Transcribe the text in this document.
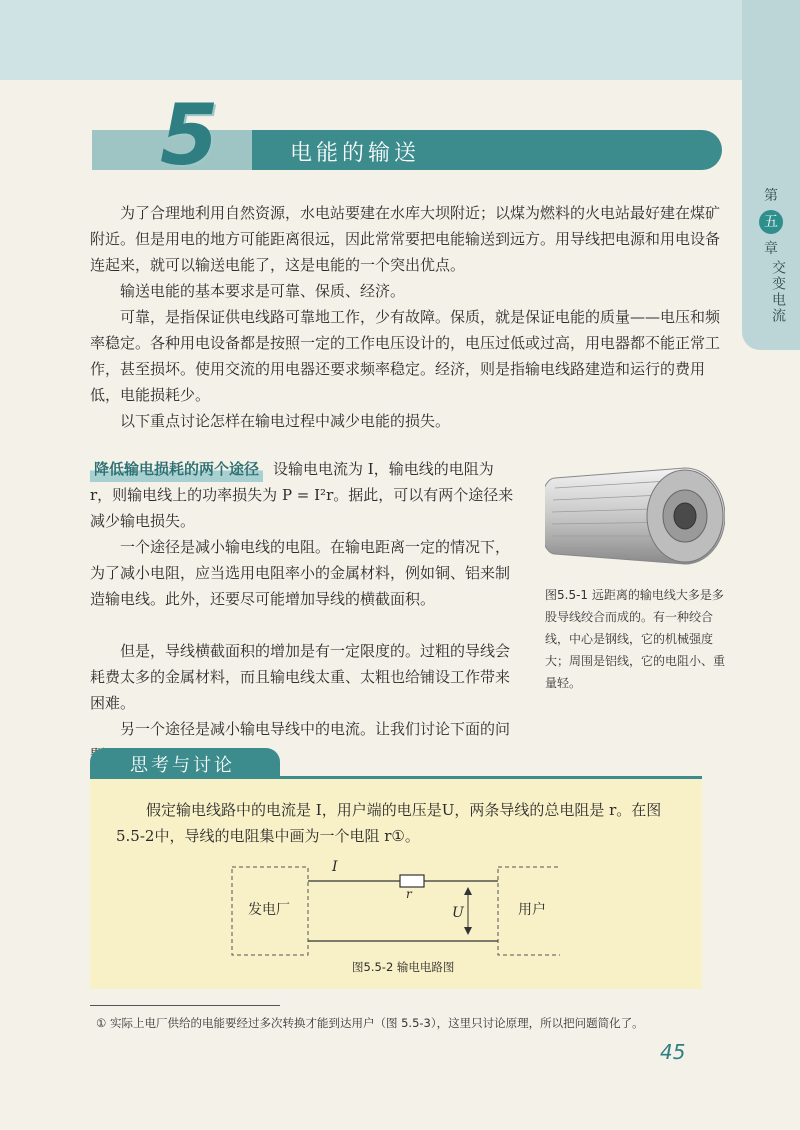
第
五
章
交变电流
5	电能的输送

为了合理地利用自然资源，水电站要建在水库大坝附近；以煤为燃料的火电站最好建在煤矿附近。但是用电的地方可能距离很远，因此常常要把电能输送到远方。用导线把电源和用电设备连起来，就可以输送电能了，这是电能的一个突出优点。

输送电能的基本要求是可靠、保质、经济。

可靠，是指保证供电线路可靠地工作，少有故障。保质，就是保证电能的质量——电压和频率稳定。各种用电设备都是按照一定的工作电压设计的，电压过低或过高，用电器都不能正常工作，甚至损坏。使用交流的用电器还要求频率稳定。经济，则是指输电线路建造和运行的费用低，电能损耗少。

以下重点讨论怎样在输电过程中减少电能的损失。

降低输电损耗的两个途径 设输电电流为 I，输电线的电阻为 r，则输电线上的功率损失为 P = I²r。据此，可以有两个途径来减少输电损失。

一个途径是减小输电线的电阻。在输电距离一定的情况下，为了减小电阻，应当选用电阻率小的金属材料，例如铜、铝来制造输电线。此外，还要尽可能增加导线的横截面积。

但是，导线横截面积的增加是有一定限度的。过粗的导线会耗费太多的金属材料，而且输电线太重、太粗也给铺设工作带来困难。

另一个途径是减小输电导线中的电流。让我们讨论下面的问

图5.5-1 远距离的输电线大多是多股导线绞合而成的。有一种绞合线，中心是钢线，它的机械强度大；周围是铝线，它的电阻小、重量轻。
思考与讨论

假定输电线路中的电流是 I，用户端的电压是U，两条导线的总电阻是 r。在图5.5-2中，导线的电阻集中画为一个电阻 r①。

发电厂	用户
I
r
U
图5.5-2 输电电路图
① 实际上电厂供给的电能要经过多次转换才能到达用户（图 5.5-3），这里只讨论原理，所以把问题简化了。
45
